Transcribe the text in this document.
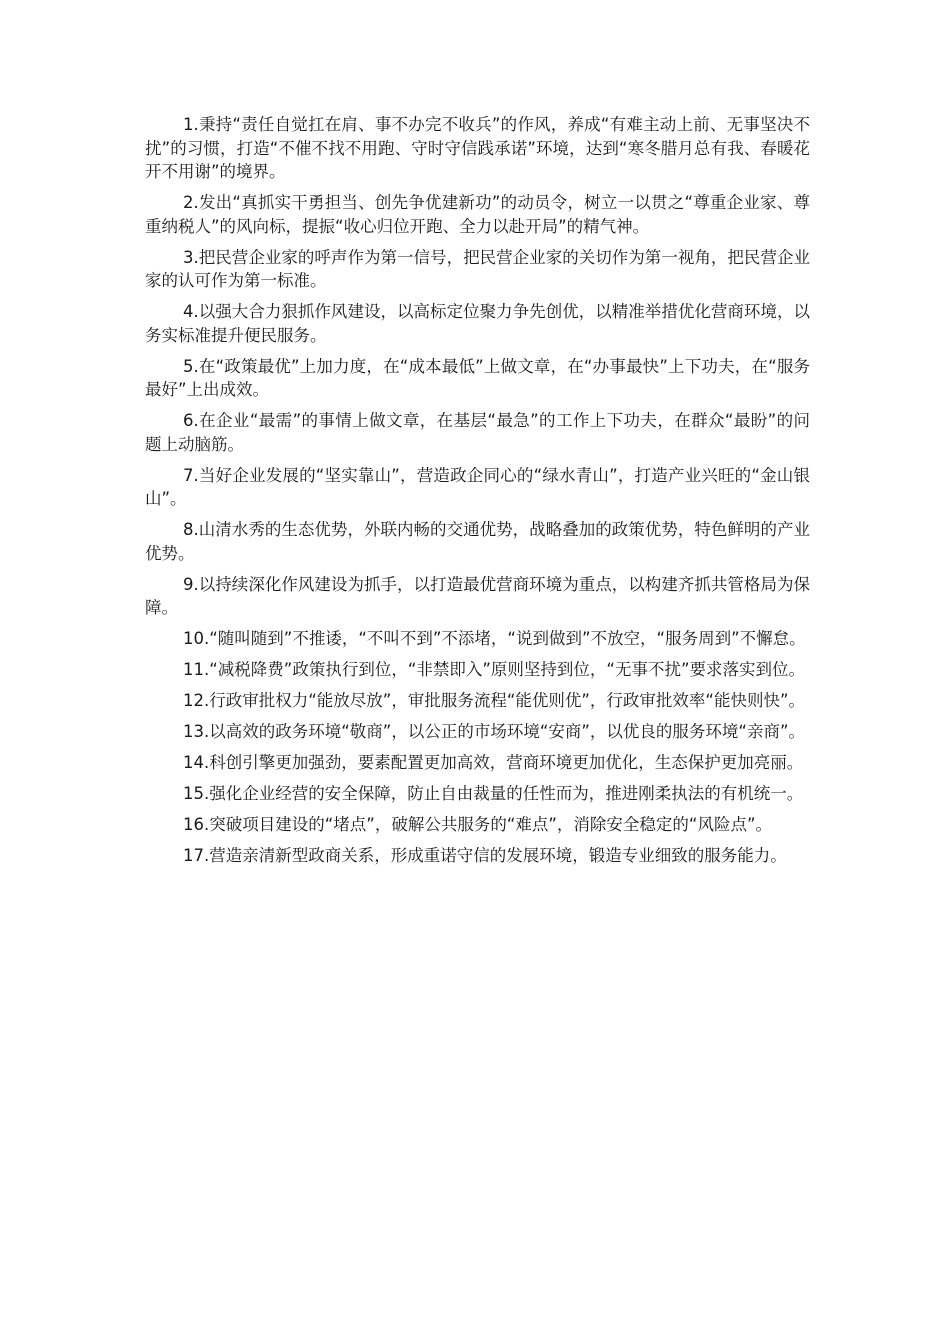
1.秉持“责任自觉扛在肩、事不办完不收兵”的作风，养成“有难主动上前、无事坚决不扰”的习惯，打造“不催不找不用跑、守时守信践承诺”环境，达到“寒冬腊月总有我、春暖花开不用谢”的境界。

2.发出“真抓实干勇担当、创先争优建新功”的动员令，树立一以贯之“尊重企业家、尊重纳税人”的风向标，提振“收心归位开跑、全力以赴开局”的精气神。

3.把民营企业家的呼声作为第一信号，把民营企业家的关切作为第一视角，把民营企业家的认可作为第一标准。

4.以强大合力狠抓作风建设，以高标定位聚力争先创优，以精准举措优化营商环境，以务实标准提升便民服务。

5.在“政策最优”上加力度，在“成本最低”上做文章，在“办事最快”上下功夫，在“服务最好”上出成效。

6.在企业“最需”的事情上做文章，在基层“最急”的工作上下功夫，在群众“最盼”的问题上动脑筋。

7.当好企业发展的“坚实靠山”，营造政企同心的“绿水青山”，打造产业兴旺的“金山银山”。

8.山清水秀的生态优势，外联内畅的交通优势，战略叠加的政策优势，特色鲜明的产业优势。

9.以持续深化作风建设为抓手，以打造最优营商环境为重点，以构建齐抓共管格局为保障。

10.“随叫随到”不推诿，“不叫不到”不添堵，“说到做到”不放空，“服务周到”不懈怠。

11.“减税降费”政策执行到位，“非禁即入”原则坚持到位，“无事不扰”要求落实到位。

12.行政审批权力“能放尽放”，审批服务流程“能优则优”，行政审批效率“能快则快”。

13.以高效的政务环境“敬商”，以公正的市场环境“安商”，以优良的服务环境“亲商”。

14.科创引擎更加强劲，要素配置更加高效，营商环境更加优化，生态保护更加亮丽。

15.强化企业经营的安全保障，防止自由裁量的任性而为，推进刚柔执法的有机统一。

16.突破项目建设的“堵点”，破解公共服务的“难点”，消除安全稳定的“风险点”。

17.营造亲清新型政商关系，形成重诺守信的发展环境，锻造专业细致的服务能力。
